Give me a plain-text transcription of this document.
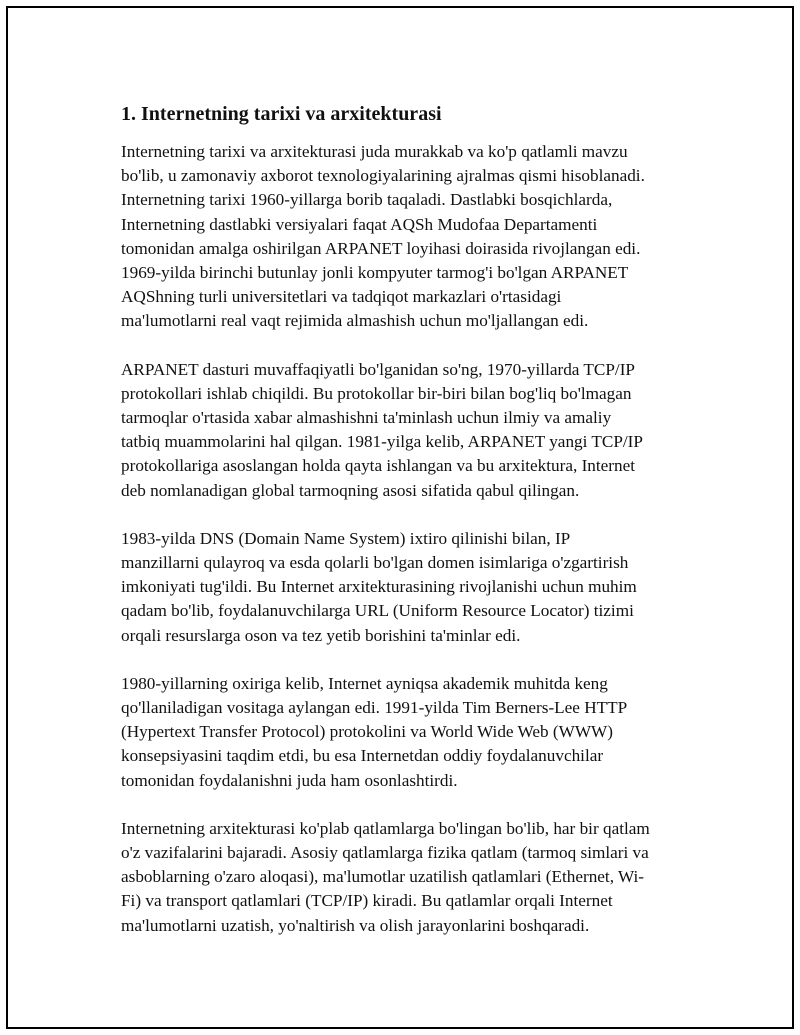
1. Internetning tarixi va arxitekturasi

Internetning tarixi va arxitekturasi juda murakkab va ko'p qatlamli mavzu
bo'lib, u zamonaviy axborot texnologiyalarining ajralmas qismi hisoblanadi.
Internetning tarixi 1960-yillarga borib taqaladi. Dastlabki bosqichlarda,
Internetning dastlabki versiyalari faqat AQSh Mudofaa Departamenti
tomonidan amalga oshirilgan ARPANET loyihasi doirasida rivojlangan edi.
1969-yilda birinchi butunlay jonli kompyuter tarmog'i bo'lgan ARPANET
AQShning turli universitetlari va tadqiqot markazlari o'rtasidagi
ma'lumotlarni real vaqt rejimida almashish uchun mo'ljallangan edi.

ARPANET dasturi muvaffaqiyatli bo'lganidan so'ng, 1970-yillarda TCP/IP
protokollari ishlab chiqildi. Bu protokollar bir-biri bilan bog'liq bo'lmagan
tarmoqlar o'rtasida xabar almashishni ta'minlash uchun ilmiy va amaliy
tatbiq muammolarini hal qilgan. 1981-yilga kelib, ARPANET yangi TCP/IP
protokollariga asoslangan holda qayta ishlangan va bu arxitektura, Internet
deb nomlanadigan global tarmoqning asosi sifatida qabul qilingan.

1983-yilda DNS (Domain Name System) ixtiro qilinishi bilan, IP
manzillarni qulayroq va esda qolarli bo'lgan domen isimlariga o'zgartirish
imkoniyati tug'ildi. Bu Internet arxitekturasining rivojlanishi uchun muhim
qadam bo'lib, foydalanuvchilarga URL (Uniform Resource Locator) tizimi
orqali resurslarga oson va tez yetib borishini ta'minlar edi.

1980-yillarning oxiriga kelib, Internet ayniqsa akademik muhitda keng
qo'llaniladigan vositaga aylangan edi. 1991-yilda Tim Berners-Lee HTTP
(Hypertext Transfer Protocol) protokolini va World Wide Web (WWW)
konsepsiyasini taqdim etdi, bu esa Internetdan oddiy foydalanuvchilar
tomonidan foydalanishni juda ham osonlashtirdi.

Internetning arxitekturasi ko'plab qatlamlarga bo'lingan bo'lib, har bir qatlam
o'z vazifalarini bajaradi. Asosiy qatlamlarga fizika qatlam (tarmoq simlari va
asboblarning o'zaro aloqasi), ma'lumotlar uzatilish qatlamlari (Ethernet, Wi-
Fi) va transport qatlamlari (TCP/IP) kiradi. Bu qatlamlar orqali Internet
ma'lumotlarni uzatish, yo'naltirish va olish jarayonlarini boshqaradi.
